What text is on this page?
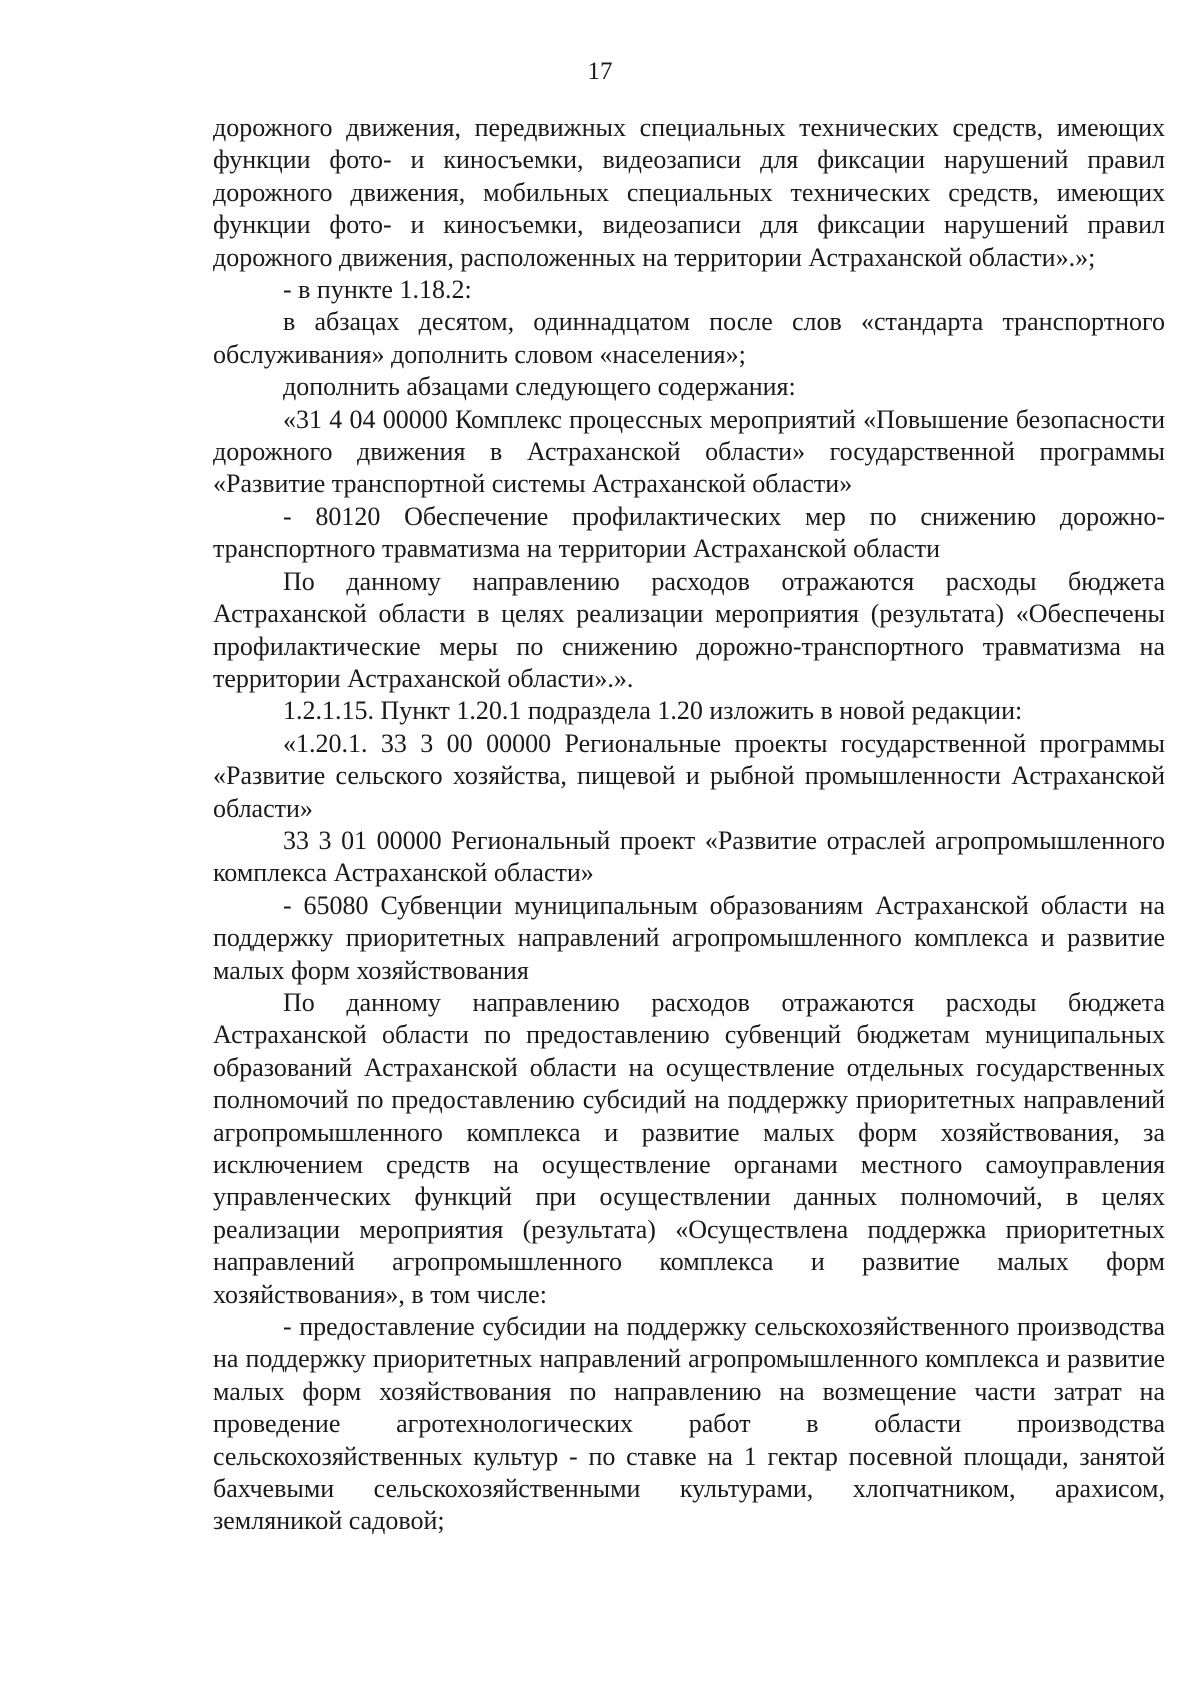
17

дорожного движения, передвижных специальных технических средств, имеющих функции фото- и киносъемки, видеозаписи для фиксации нарушений правил дорожного движения, мобильных специальных технических средств, имеющих функции фото- и киносъемки, видеозаписи для фиксации нарушений правил дорожного движения, расположенных на территории Астраханской области».»;

- в пункте 1.18.2:

в абзацах десятом, одиннадцатом после слов «стандарта транспортного обслуживания» дополнить словом «населения»;

дополнить абзацами следующего содержания:

«31 4 04 00000 Комплекс процессных мероприятий «Повышение безопасности дорожного движения в Астраханской области» государственной программы «Развитие транспортной системы Астраханской области»

- 80120 Обеспечение профилактических мер по снижению дорожно-транспортного травматизма на территории Астраханской области

По данному направлению расходов отражаются расходы бюджета Астраханской области в целях реализации мероприятия (результата) «Обеспечены профилактические меры по снижению дорожно-транспортного травматизма на территории Астраханской области».».

1.2.1.15. Пункт 1.20.1 подраздела 1.20 изложить в новой редакции:

«1.20.1. 33 3 00 00000 Региональные проекты государственной программы «Развитие сельского хозяйства, пищевой и рыбной промышленности Астраханской области»

33 3 01 00000 Региональный проект «Развитие отраслей агропромышленного комплекса Астраханской области»

- 65080 Субвенции муниципальным образованиям Астраханской области на поддержку приоритетных направлений агропромышленного комплекса и развитие малых форм хозяйствования

По данному направлению расходов отражаются расходы бюджета Астраханской области по предоставлению субвенций бюджетам муниципальных образований Астраханской области на осуществление отдельных государственных полномочий по предоставлению субсидий на поддержку приоритетных направлений агропромышленного комплекса и развитие малых форм хозяйствования, за исключением средств на осуществление органами местного самоуправления управленческих функций при осуществлении данных полномочий, в целях реализации мероприятия (результата) «Осуществлена поддержка приоритетных направлений агропромышленного комплекса и развитие малых форм хозяйствования», в том числе:

- предоставление субсидии на поддержку сельскохозяйственного производства на поддержку приоритетных направлений агропромышленного комплекса и развитие малых форм хозяйствования по направлению на возмещение части затрат на проведение агротехнологических работ в области производства сельскохозяйственных культур - по ставке на 1 гектар посевной площади, занятой бахчевыми сельскохозяйственными культурами, хлопчатником, арахисом, земляникой садовой;
